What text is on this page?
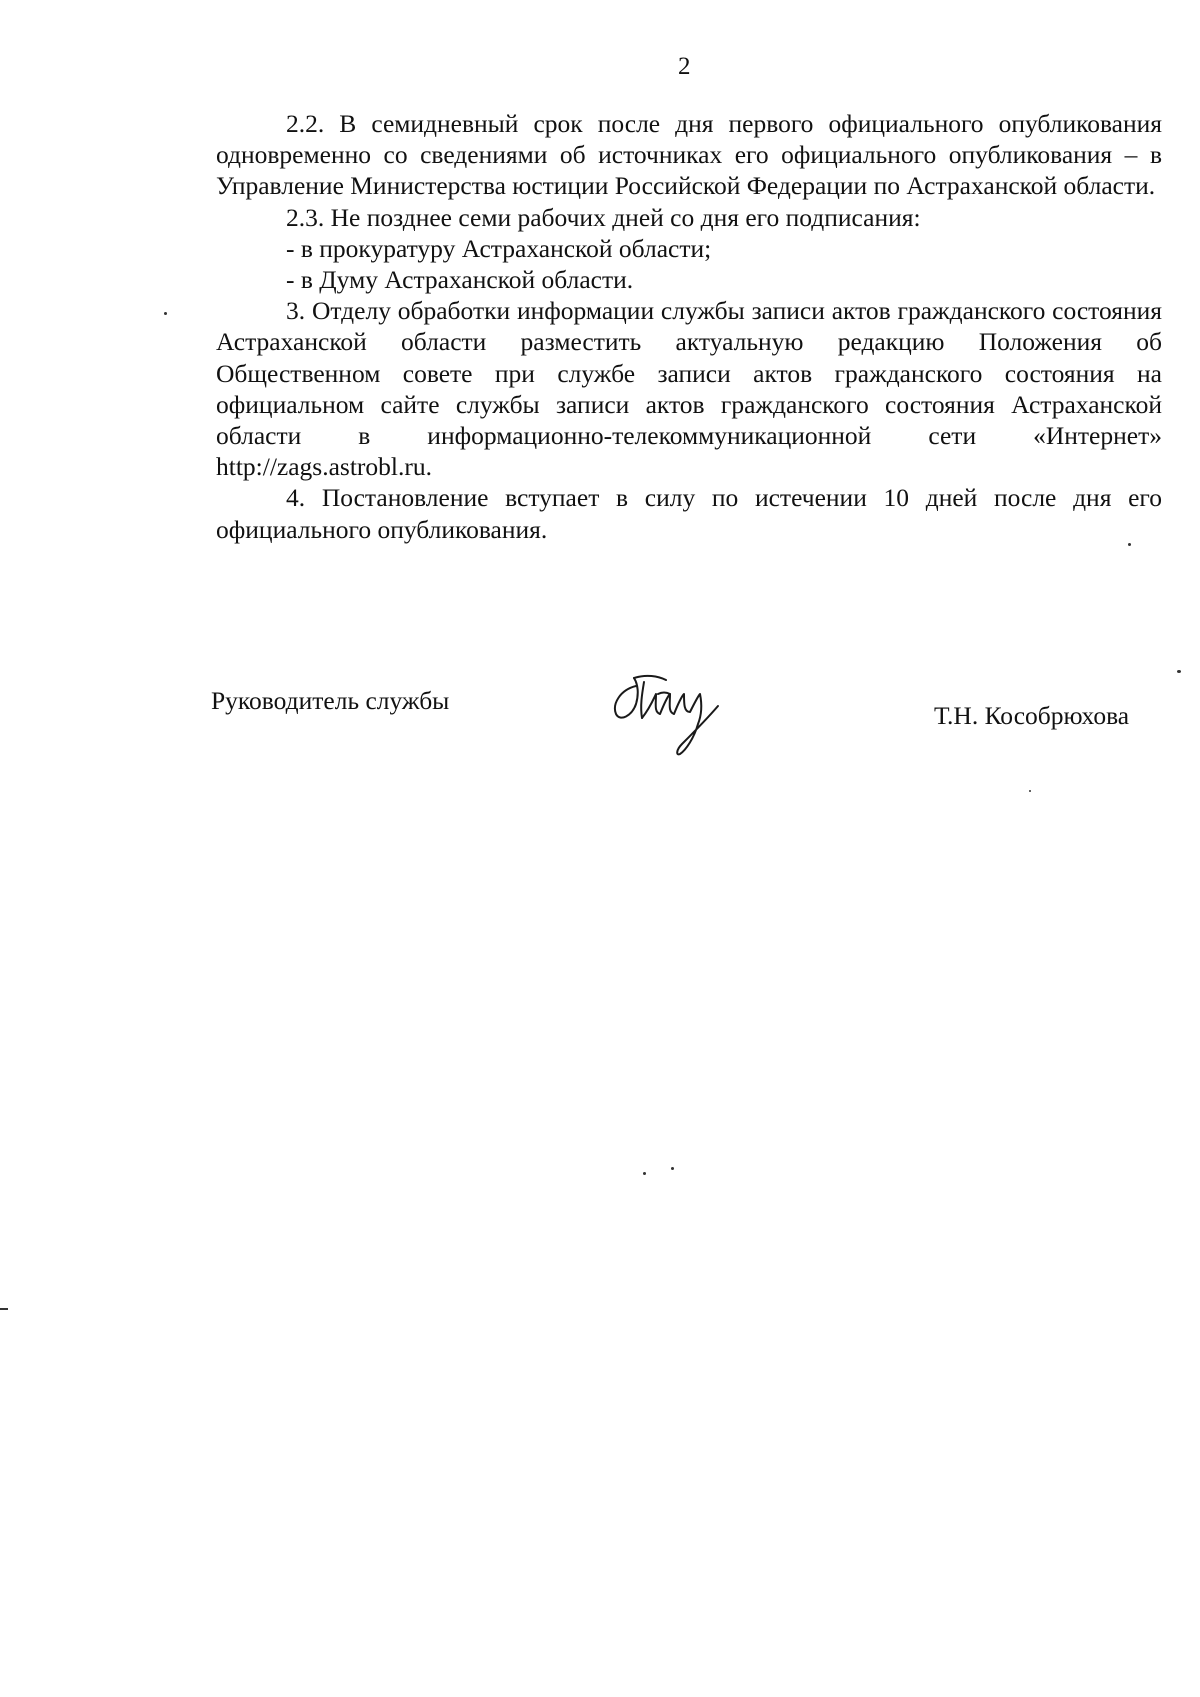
2

2.2. В семидневный срок после дня первого официального опубликования одновременно со сведениями об источниках его официального опубликования – в Управление Министерства юстиции Российской Федерации по Астраханской области.

2.3. Не позднее семи рабочих дней со дня его подписания:

- в прокуратуру Астраханской области;

- в Думу Астраханской области.

3. Отделу обработки информации службы записи актов гражданского состояния Астраханской области разместить актуальную редакцию Положения об Общественном совете при службе записи актов гражданского состояния на официальном сайте службы записи актов гражданского состояния Астраханской области в информационно-телекоммуникационной сети «Интернет» http://zags.astrobl.ru.

4. Постановление вступает в силу по истечении 10 дней после дня его официального опубликования.

Руководитель службы
Т.Н. Кособрюхова
